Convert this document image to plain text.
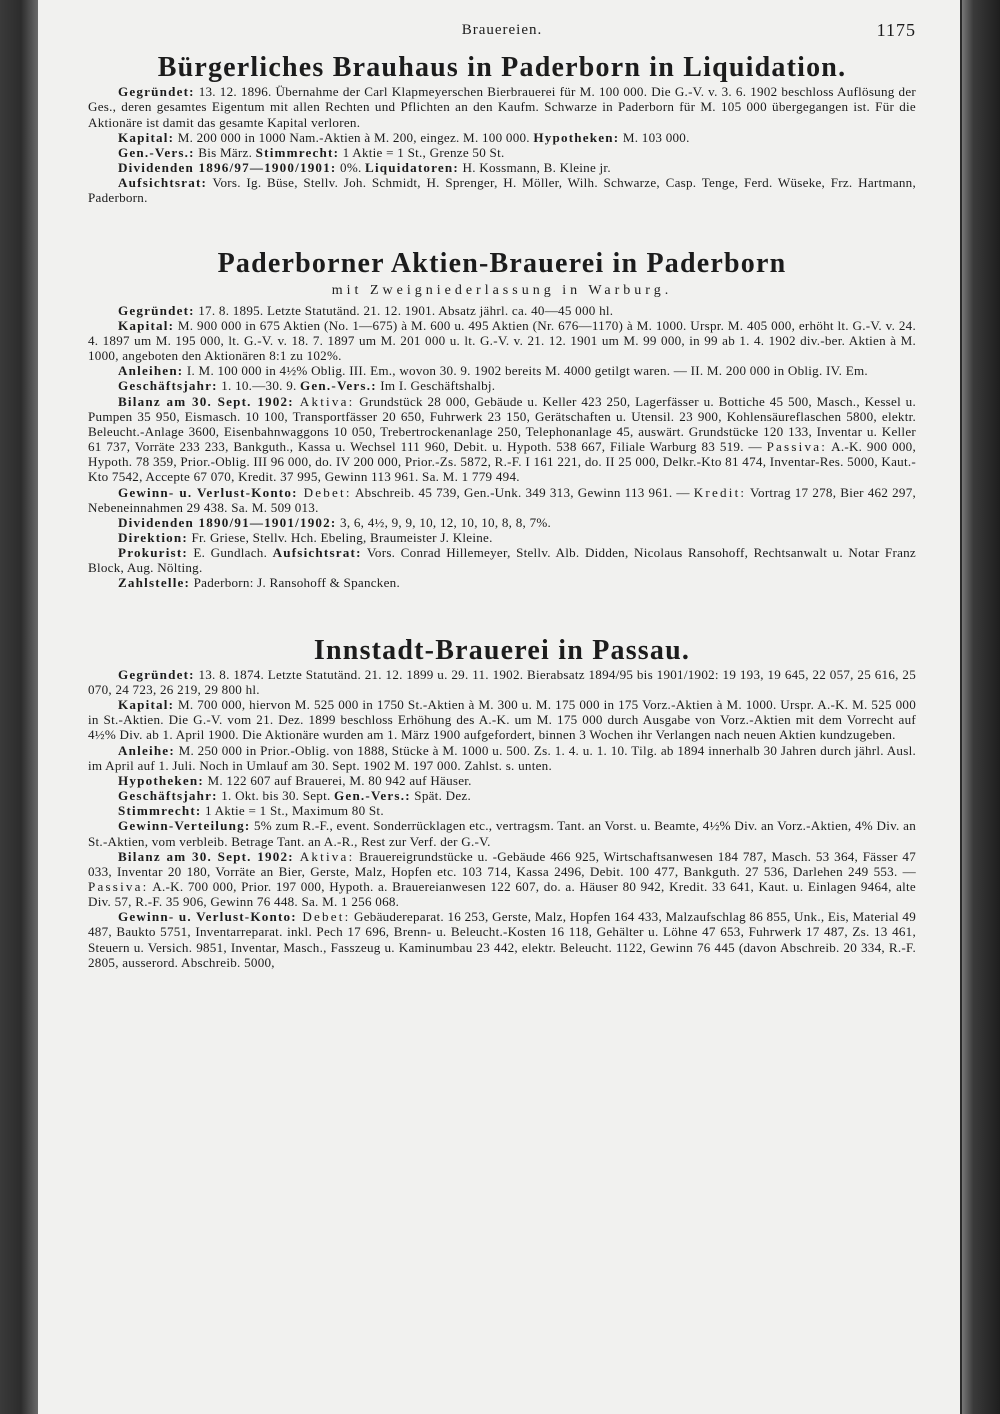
Brauereien.	1175
Bürgerliches Brauhaus in Paderborn in Liquidation.

Gegründet: 13. 12. 1896. Übernahme der Carl Klapmeyerschen Bierbrauerei für M. 100 000. Die G.-V. v. 3. 6. 1902 beschloss Auflösung der Ges., deren gesamtes Eigentum mit allen Rechten und Pflichten an den Kaufm. Schwarze in Paderborn für M. 105 000 übergegangen ist. Für die Aktionäre ist damit das gesamte Kapital verloren.

Kapital: M. 200 000 in 1000 Nam.-Aktien à M. 200, eingez. M. 100 000. Hypotheken: M. 103 000.

Gen.-Vers.: Bis März. Stimmrecht: 1 Aktie = 1 St., Grenze 50 St.

Dividenden 1896/97—1900/1901: 0%. Liquidatoren: H. Kossmann, B. Kleine jr.

Aufsichtsrat: Vors. Ig. Büse, Stellv. Joh. Schmidt, H. Sprenger, H. Möller, Wilh. Schwarze, Casp. Tenge, Ferd. Wüseke, Frz. Hartmann, Paderborn.

Paderborner Aktien-Brauerei in Paderborn
mit Zweigniederlassung in Warburg.

Gegründet: 17. 8. 1895. Letzte Statutänd. 21. 12. 1901. Absatz jährl. ca. 40—45 000 hl.

Kapital: M. 900 000 in 675 Aktien (No. 1—675) à M. 600 u. 495 Aktien (Nr. 676—1170) à M. 1000. Urspr. M. 405 000, erhöht lt. G.-V. v. 24. 4. 1897 um M. 195 000, lt. G.-V. v. 18. 7. 1897 um M. 201 000 u. lt. G.-V. v. 21. 12. 1901 um M. 99 000, in 99 ab 1. 4. 1902 div.-ber. Aktien à M. 1000, angeboten den Aktionären 8:1 zu 102%.

Anleihen: I. M. 100 000 in 4½% Oblig. III. Em., wovon 30. 9. 1902 bereits M. 4000 getilgt waren. — II. M. 200 000 in Oblig. IV. Em.

Geschäftsjahr: 1. 10.—30. 9. Gen.-Vers.: Im I. Geschäftshalbj.

Bilanz am 30. Sept. 1902: Aktiva: Grundstück 28 000, Gebäude u. Keller 423 250, Lagerfässer u. Bottiche 45 500, Masch., Kessel u. Pumpen 35 950, Eismasch. 10 100, Transportfässer 20 650, Fuhrwerk 23 150, Gerätschaften u. Utensil. 23 900, Kohlensäureflaschen 5800, elektr. Beleucht.-Anlage 3600, Eisenbahnwaggons 10 050, Trebertrockenanlage 250, Telephonanlage 45, auswärt. Grundstücke 120 133, Inventar u. Keller 61 737, Vorräte 233 233, Bankguth., Kassa u. Wechsel 111 960, Debit. u. Hypoth. 538 667, Filiale Warburg 83 519. — Passiva: A.-K. 900 000, Hypoth. 78 359, Prior.-Oblig. III 96 000, do. IV 200 000, Prior.-Zs. 5872, R.-F. I 161 221, do. II 25 000, Delkr.-Kto 81 474, Inventar-Res. 5000, Kaut.-Kto 7542, Accepte 67 070, Kredit. 37 995, Gewinn 113 961. Sa. M. 1 779 494.

Gewinn- u. Verlust-Konto: Debet: Abschreib. 45 739, Gen.-Unk. 349 313, Gewinn 113 961. — Kredit: Vortrag 17 278, Bier 462 297, Nebeneinnahmen 29 438. Sa. M. 509 013.

Dividenden 1890/91—1901/1902: 3, 6, 4½, 9, 9, 10, 12, 10, 10, 8, 8, 7%.

Direktion: Fr. Griese, Stellv. Hch. Ebeling, Braumeister J. Kleine.

Prokurist: E. Gundlach. Aufsichtsrat: Vors. Conrad Hillemeyer, Stellv. Alb. Didden, Nicolaus Ransohoff, Rechtsanwalt u. Notar Franz Block, Aug. Nölting.

Zahlstelle: Paderborn: J. Ransohoff & Spancken.

Innstadt-Brauerei in Passau.

Gegründet: 13. 8. 1874. Letzte Statutänd. 21. 12. 1899 u. 29. 11. 1902. Bierabsatz 1894/95 bis 1901/1902: 19 193, 19 645, 22 057, 25 616, 25 070, 24 723, 26 219, 29 800 hl.

Kapital: M. 700 000, hiervon M. 525 000 in 1750 St.-Aktien à M. 300 u. M. 175 000 in 175 Vorz.-Aktien à M. 1000. Urspr. A.-K. M. 525 000 in St.-Aktien. Die G.-V. vom 21. Dez. 1899 beschloss Erhöhung des A.-K. um M. 175 000 durch Ausgabe von Vorz.-Aktien mit dem Vorrecht auf 4½% Div. ab 1. April 1900. Die Aktionäre wurden am 1. März 1900 aufgefordert, binnen 3 Wochen ihr Verlangen nach neuen Aktien kundzugeben.

Anleihe: M. 250 000 in Prior.-Oblig. von 1888, Stücke à M. 1000 u. 500. Zs. 1. 4. u. 1. 10. Tilg. ab 1894 innerhalb 30 Jahren durch jährl. Ausl. im April auf 1. Juli. Noch in Umlauf am 30. Sept. 1902 M. 197 000. Zahlst. s. unten.

Hypotheken: M. 122 607 auf Brauerei, M. 80 942 auf Häuser.

Geschäftsjahr: 1. Okt. bis 30. Sept. Gen.-Vers.: Spät. Dez.

Stimmrecht: 1 Aktie = 1 St., Maximum 80 St.

Gewinn-Verteilung: 5% zum R.-F., event. Sonderrücklagen etc., vertragsm. Tant. an Vorst. u. Beamte, 4½% Div. an Vorz.-Aktien, 4% Div. an St.-Aktien, vom verbleib. Betrage Tant. an A.-R., Rest zur Verf. der G.-V.

Bilanz am 30. Sept. 1902: Aktiva: Brauereigrundstücke u. -Gebäude 466 925, Wirtschaftsanwesen 184 787, Masch. 53 364, Fässer 47 033, Inventar 20 180, Vorräte an Bier, Gerste, Malz, Hopfen etc. 103 714, Kassa 2496, Debit. 100 477, Bankguth. 27 536, Darlehen 249 553. — Passiva: A.-K. 700 000, Prior. 197 000, Hypoth. a. Brauereianwesen 122 607, do. a. Häuser 80 942, Kredit. 33 641, Kaut. u. Einlagen 9464, alte Div. 57, R.-F. 35 906, Gewinn 76 448. Sa. M. 1 256 068.

Gewinn- u. Verlust-Konto: Debet: Gebäudereparat. 16 253, Gerste, Malz, Hopfen 164 433, Malzaufschlag 86 855, Unk., Eis, Material 49 487, Baukto 5751, Inventarreparat. inkl. Pech 17 696, Brenn- u. Beleucht.-Kosten 16 118, Gehälter u. Löhne 47 653, Fuhrwerk 17 487, Zs. 13 461, Steuern u. Versich. 9851, Inventar, Masch., Fasszeug u. Kaminumbau 23 442, elektr. Beleucht. 1122, Gewinn 76 445 (davon Abschreib. 20 334, R.-F. 2805, ausserord. Abschreib. 5000,
